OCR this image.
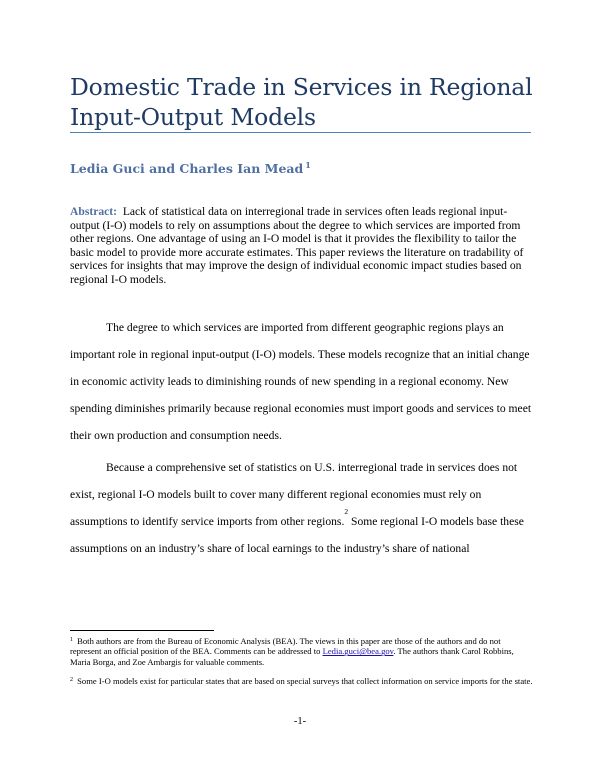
Domestic Trade in Services in Regional Input-Output Models
Ledia Guci and Charles Ian Mead $^1$

Abstract: Lack of statistical data on interregional trade in services often leads regional input-output (I-O) models to rely on assumptions about the degree to which services are imported from other regions. One advantage of using an I-O model is that it provides the flexibility to tailor the basic model to provide more accurate estimates. This paper reviews the literature on tradability of services for insights that may improve the design of individual economic impact studies based on regional I-O models.

The degree to which services are imported from different geographic regions plays an important role in regional input-output (I-O) models. These models recognize that an initial change in economic activity leads to diminishing rounds of new spending in a regional economy. New spending diminishes primarily because regional economies must import goods and services to meet their own production and consumption needs.

Because a comprehensive set of statistics on U.S. interregional trade in services does not exist, regional I-O models built to cover many different regional economies must rely on assumptions to identify service imports from other regions.$^2$ Some regional I-O models base these assumptions on an industry’s share of local earnings to the industry’s share of national

$^1$ Both authors are from the Bureau of Economic Analysis (BEA). The views in this paper are those of the authors and do not represent an official position of the BEA. Comments can be addressed to Ledia.guci@bea.gov. The authors thank Carol Robbins, Maria Borga, and Zoe Ambargis for valuable comments.

$^2$ Some I-O models exist for particular states that are based on special surveys that collect information on service imports for the state.

-1-
